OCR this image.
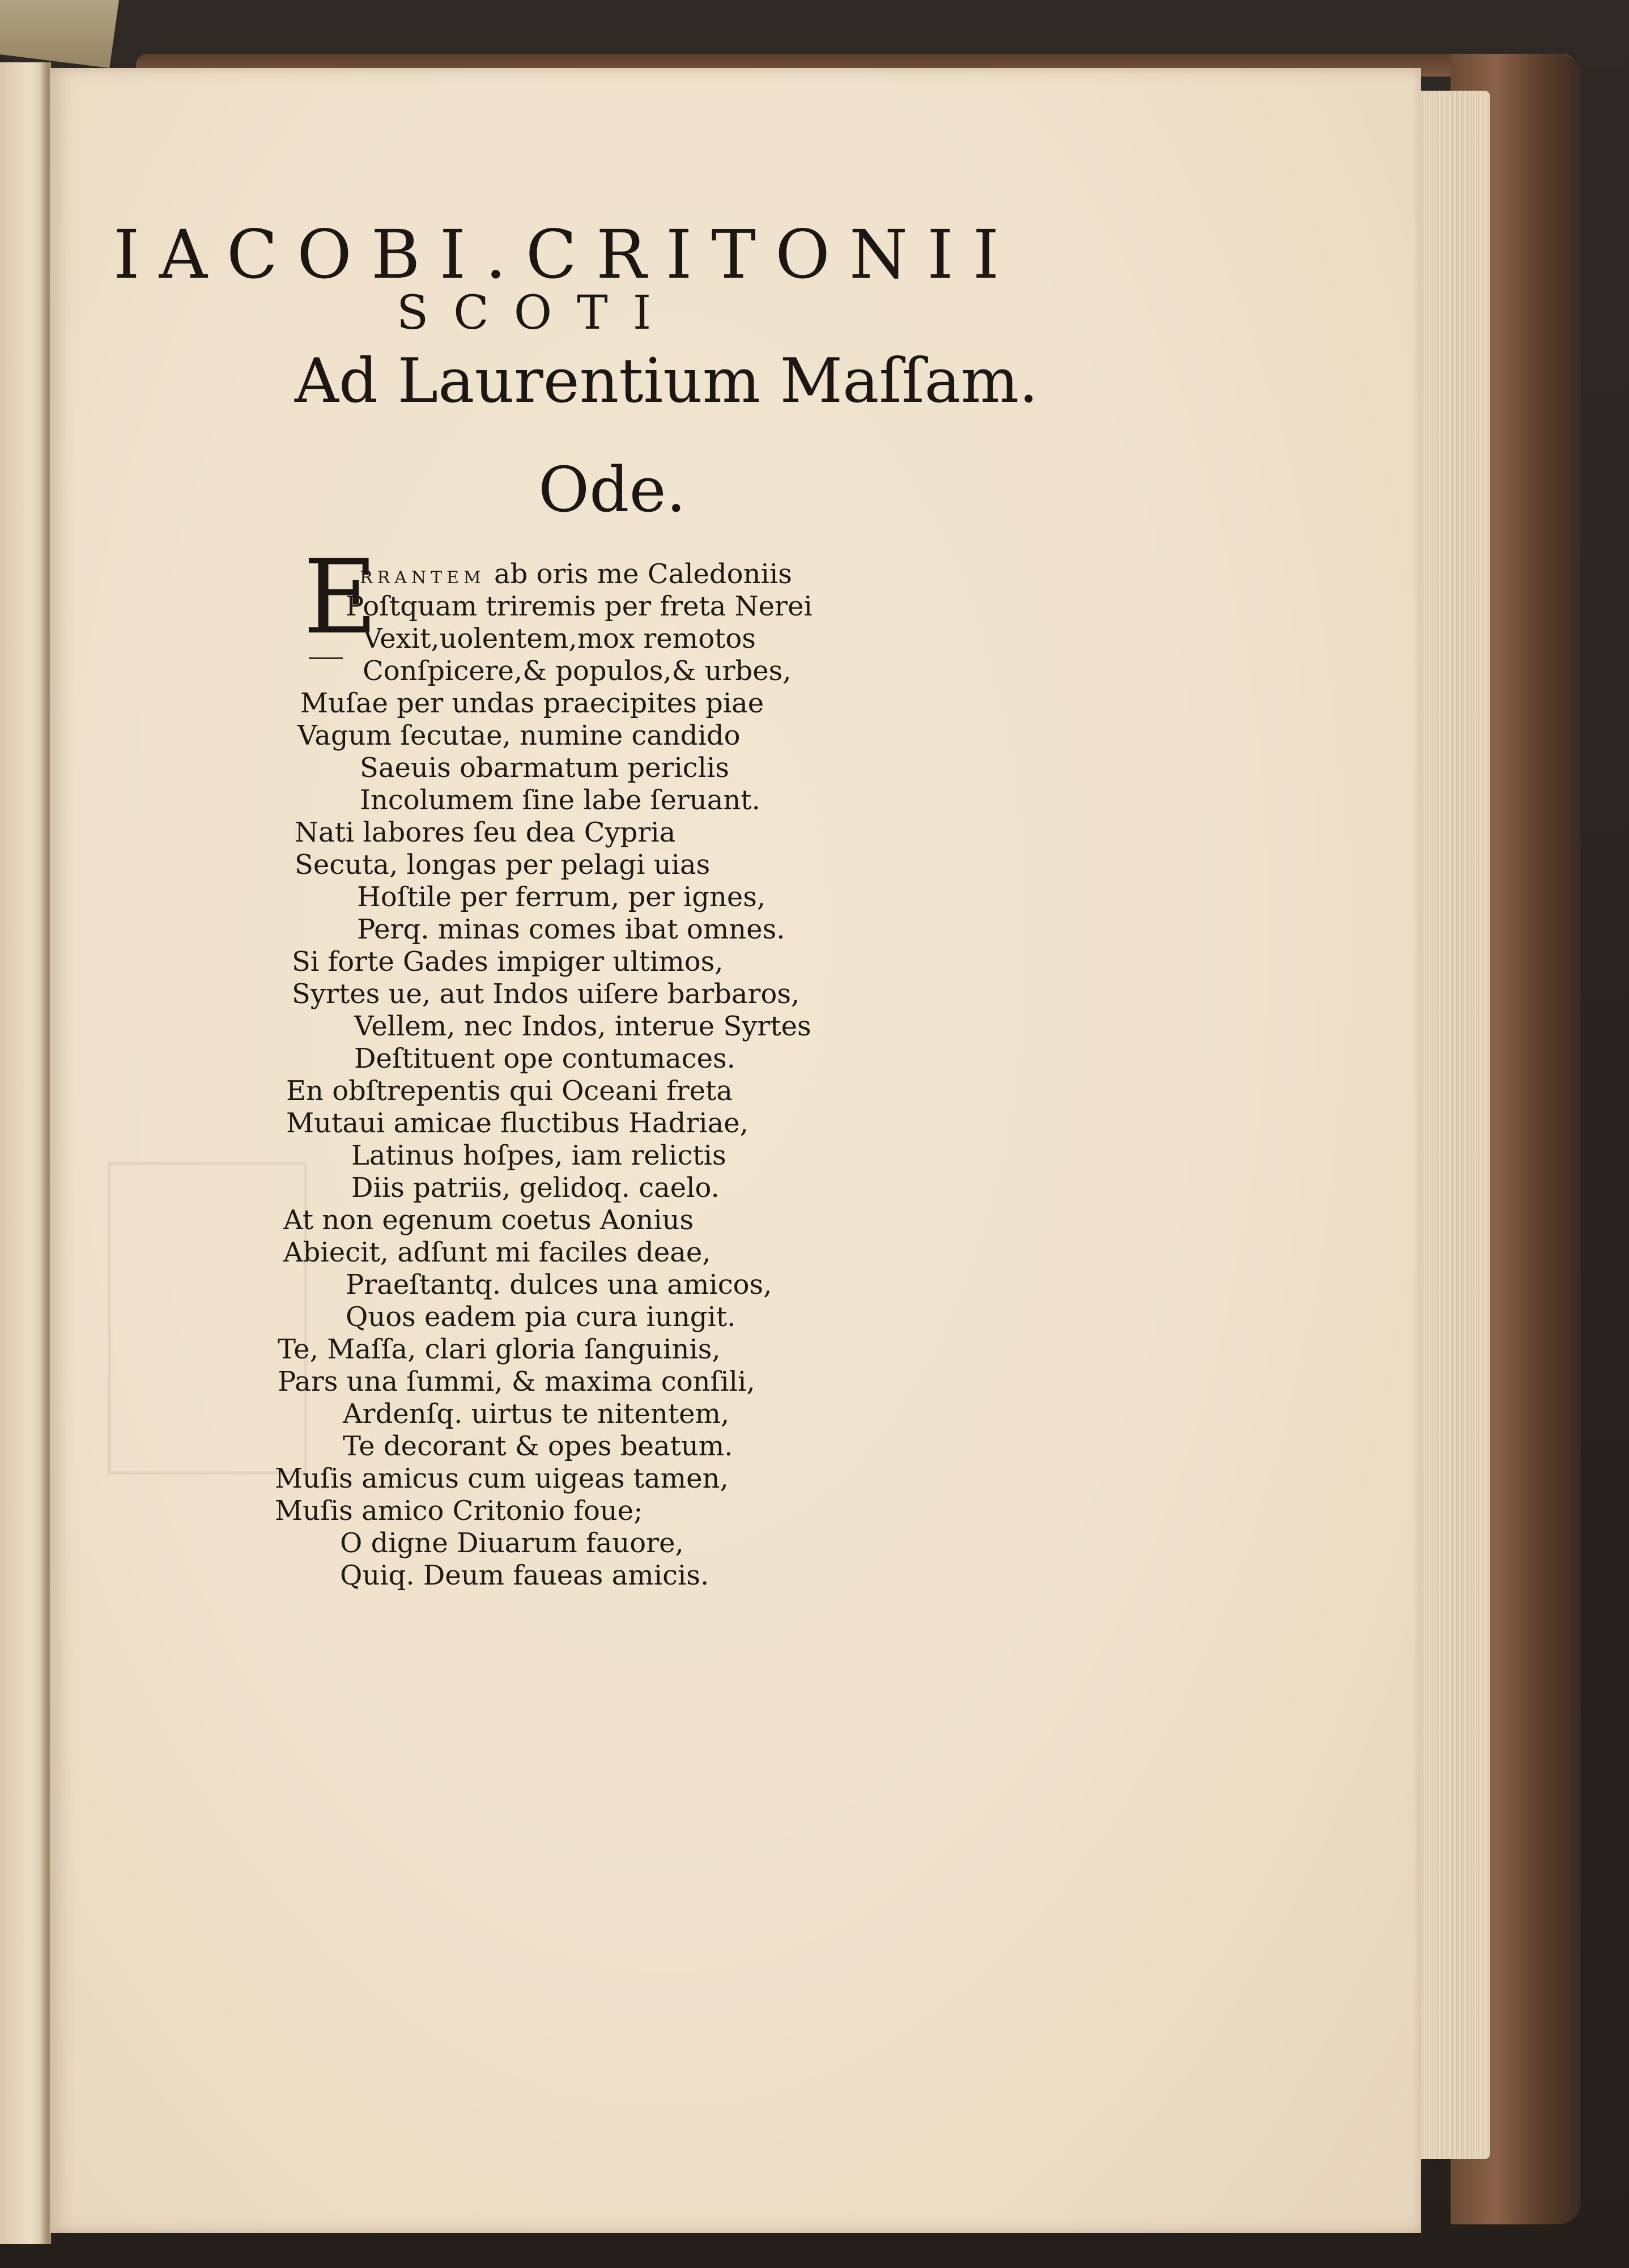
IACOBI.CRITONII
SCOTI
Ad Laurentium Maſſam.
Ode.
E
RRANTEM ab oris me Caledoniis
Poſtquam triremis per freta Nerei
Vexit,uolentem,mox remotos
Conſpicere,& populos,& urbes,
Muſae per undas praecipites piae
Vagum ſecutae, numine candido
Saeuis obarmatum periclis
Incolumem ſine labe ſeruant.
Nati labores ſeu dea Cypria
Secuta, longas per pelagi uias
Hoſtile per ferrum, per ignes,
Perq. minas comes ibat omnes.
Si forte Gades impiger ultimos,
Syrtes ue, aut Indos uiſere barbaros,
Vellem, nec Indos, interue Syrtes
Deſtituent ope contumaces.
En obſtrepentis qui Oceani freta
Mutaui amicae fluctibus Hadriae,
Latinus hoſpes, iam relictis
Diis patriis, gelidoq. caelo.
At non egenum coetus Aonius
Abiecit, adſunt mi faciles deae,
Praeſtantq. dulces una amicos,
Quos eadem pia cura iungit.
Te, Maſſa, clari gloria ſanguinis,
Pars una ſummi, & maxima conſili,
Ardenſq. uirtus te nitentem,
Te decorant & opes beatum.
Muſis amicus cum uigeas tamen,
Muſis amico Critonio foue;
O digne Diuarum fauore,
Quiq. Deum faueas amicis.
